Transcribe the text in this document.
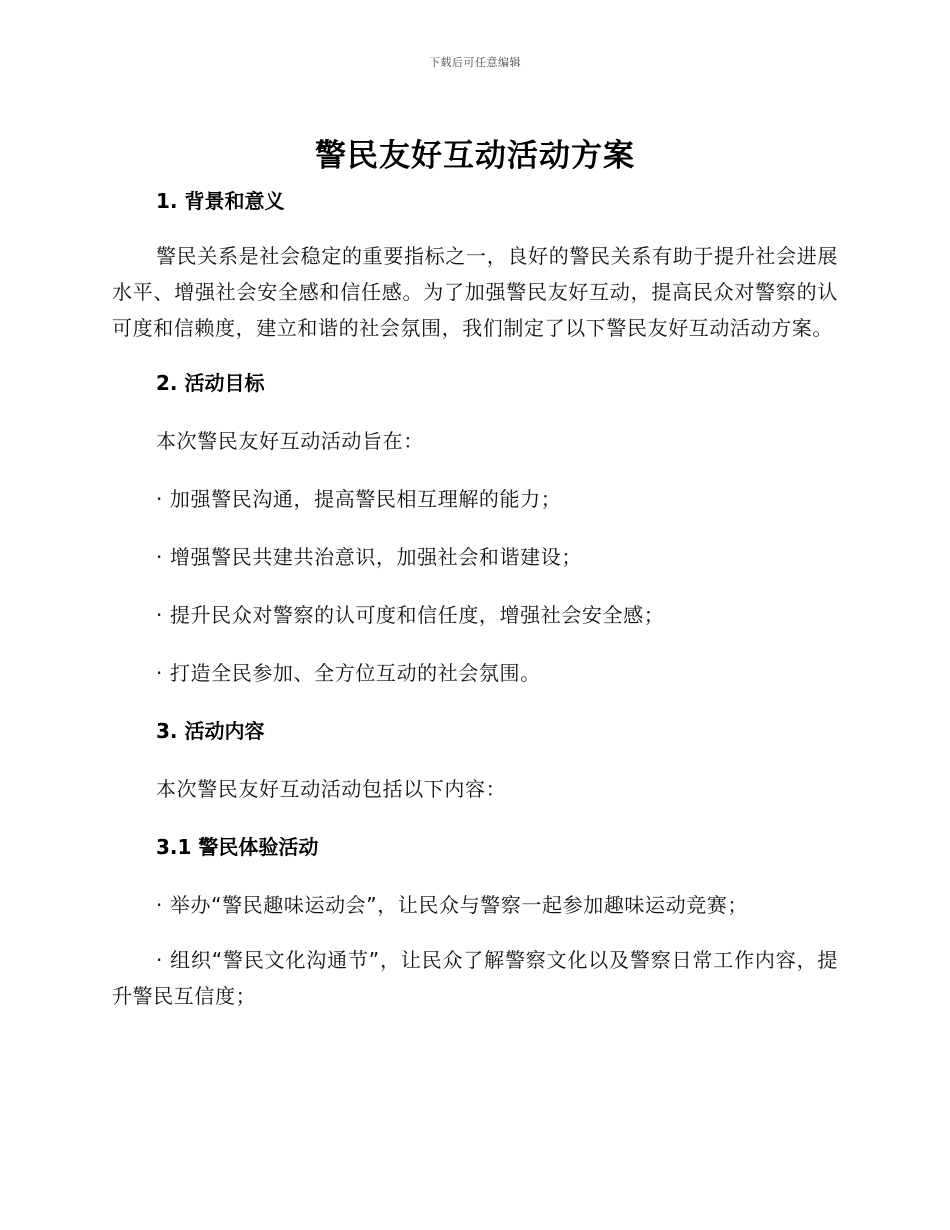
下载后可任意编辑
警民友好互动活动方案
1. 背景和意义
警民关系是社会稳定的重要指标之一，良好的警民关系有助于提升社会进展水平、增强社会安全感和信任感。为了加强警民友好互动，提高民众对警察的认可度和信赖度，建立和谐的社会氛围，我们制定了以下警民友好互动活动方案。
2. 活动目标
本次警民友好互动活动旨在：
· 加强警民沟通，提高警民相互理解的能力；
· 增强警民共建共治意识，加强社会和谐建设；
· 提升民众对警察的认可度和信任度，增强社会安全感；
· 打造全民参加、全方位互动的社会氛围。
3. 活动内容
本次警民友好互动活动包括以下内容：
3.1 警民体验活动
· 举办“警民趣味运动会”，让民众与警察一起参加趣味运动竞赛；
· 组织“警民文化沟通节”，让民众了解警察文化以及警察日常工作内容，提升警民互信度；
